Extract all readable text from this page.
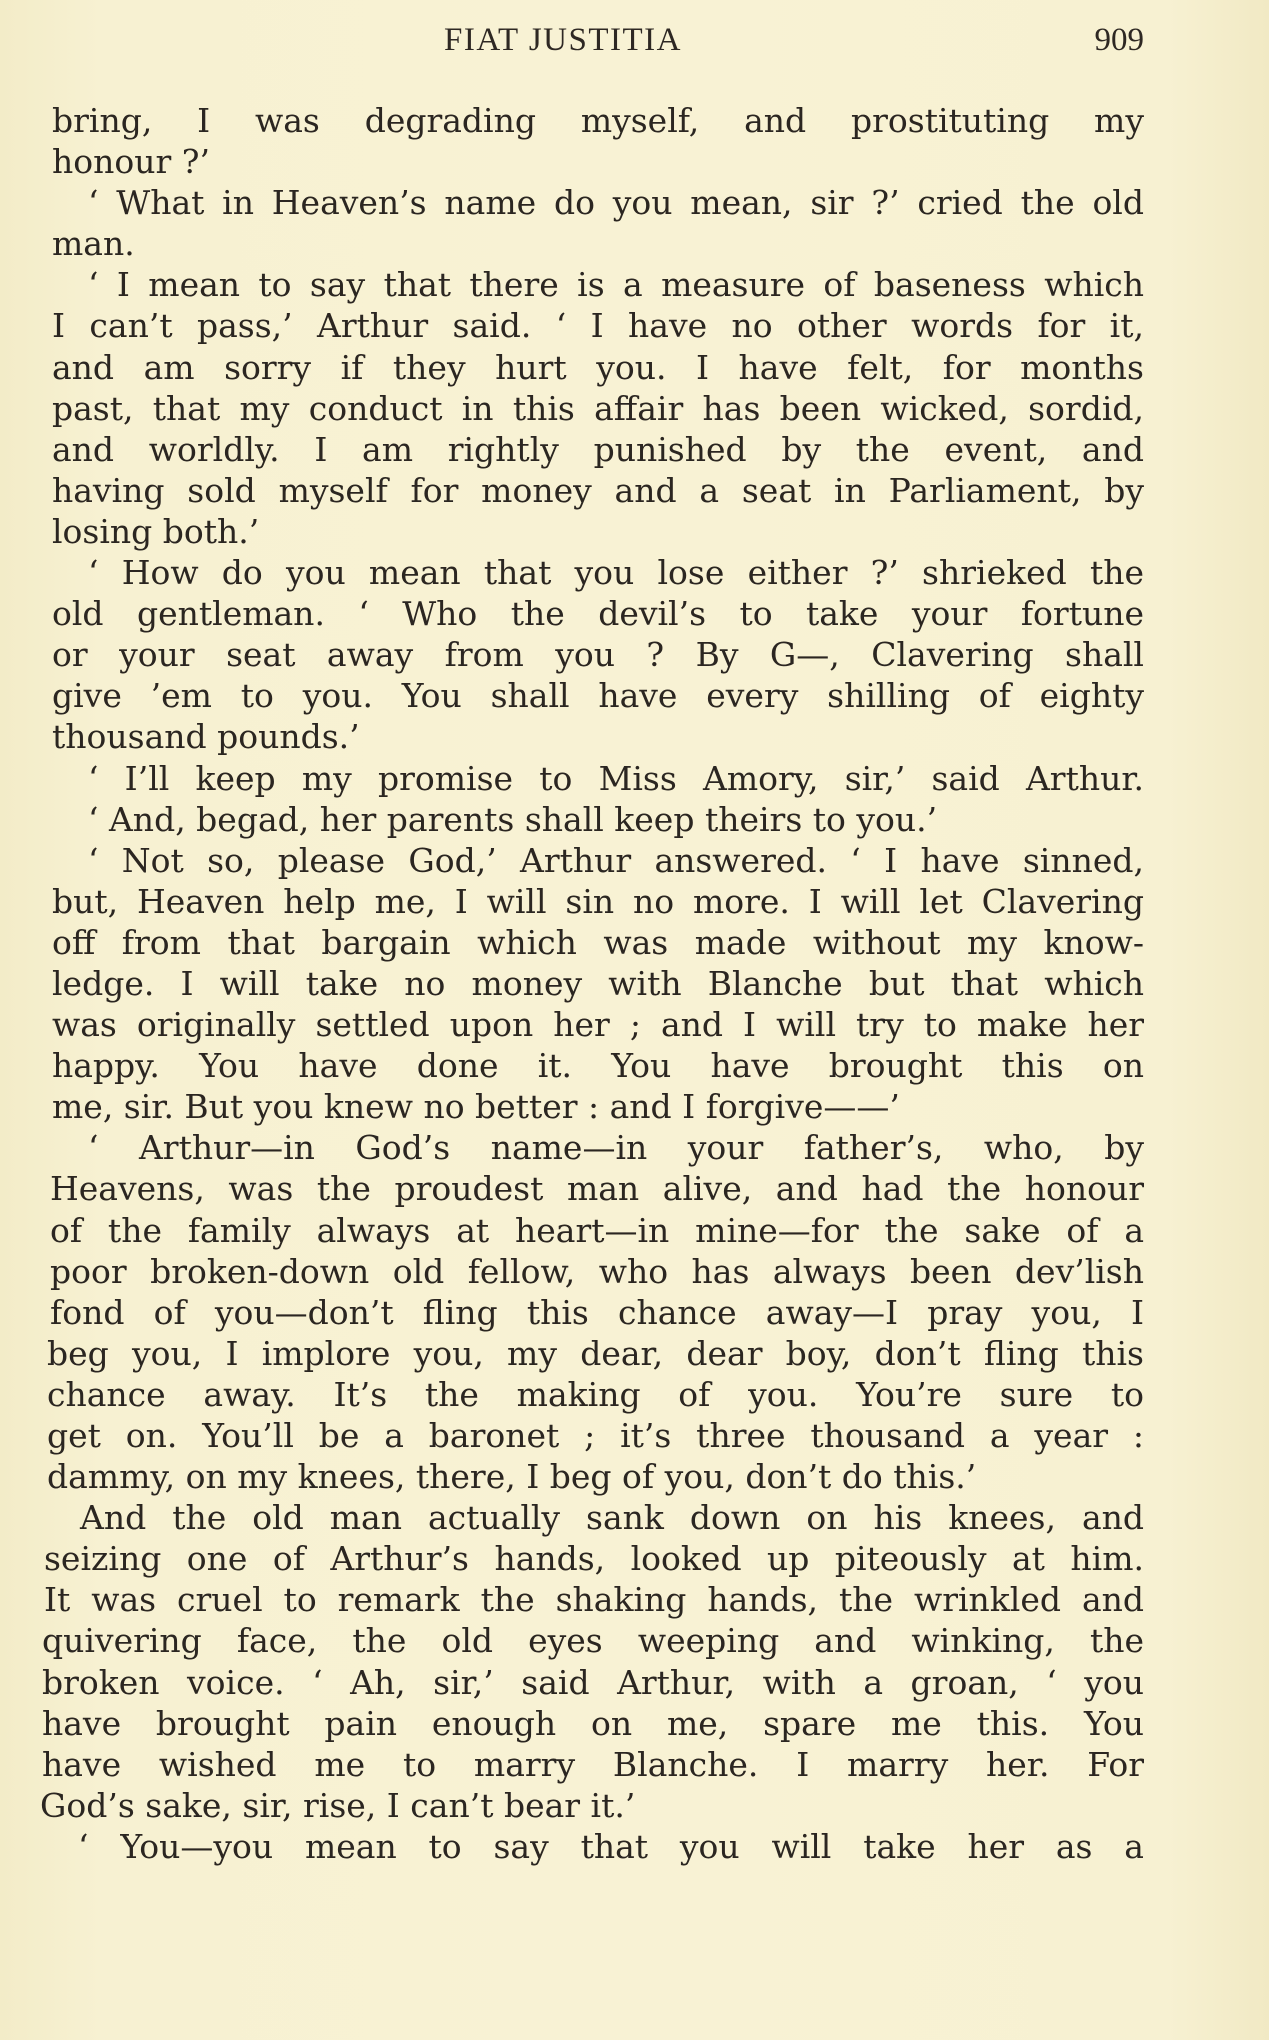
FIAT JUSTITIA	909
bring, I was degrading myself, and prostituting my
honour ?’
‘ What in Heaven’s name do you mean, sir ?’ cried the old
man.
‘ I mean to say that there is a measure of baseness which
I can’t pass,’ Arthur said. ‘ I have no other words for it,
and am sorry if they hurt you. I have felt, for months
past, that my conduct in this affair has been wicked, sordid,
and worldly. I am rightly punished by the event, and
having sold myself for money and a seat in Parliament, by
losing both.’
‘ How do you mean that you lose either ?’ shrieked the
old gentleman. ‘ Who the devil’s to take your fortune
or your seat away from you ? By G—, Clavering shall
give ’em to you. You shall have every shilling of eighty
thousand pounds.’
‘ I’ll keep my promise to Miss Amory, sir,’ said Arthur.
‘ And, begad, her parents shall keep theirs to you.’
‘ Not so, please God,’ Arthur answered. ‘ I have sinned,
but, Heaven help me, I will sin no more. I will let Clavering
off from that bargain which was made without my know-
ledge. I will take no money with Blanche but that which
was originally settled upon her ; and I will try to make her
happy. You have done it. You have brought this on
me, sir. But you knew no better : and I forgive——’
‘ Arthur—in God’s name—in your father’s, who, by
Heavens, was the proudest man alive, and had the honour
of the family always at heart—in mine—for the sake of a
poor broken-down old fellow, who has always been dev’lish
fond of you—don’t fling this chance away—I pray you, I
beg you, I implore you, my dear, dear boy, don’t fling this
chance away. It’s the making of you. You’re sure to
get on. You’ll be a baronet ; it’s three thousand a year :
dammy, on my knees, there, I beg of you, don’t do this.’
And the old man actually sank down on his knees, and
seizing one of Arthur’s hands, looked up piteously at him.
It was cruel to remark the shaking hands, the wrinkled and
quivering face, the old eyes weeping and winking, the
broken voice. ‘ Ah, sir,’ said Arthur, with a groan, ‘ you
have brought pain enough on me, spare me this. You
have wished me to marry Blanche. I marry her. For
God’s sake, sir, rise, I can’t bear it.’
‘ You—you mean to say that you will take her as a
